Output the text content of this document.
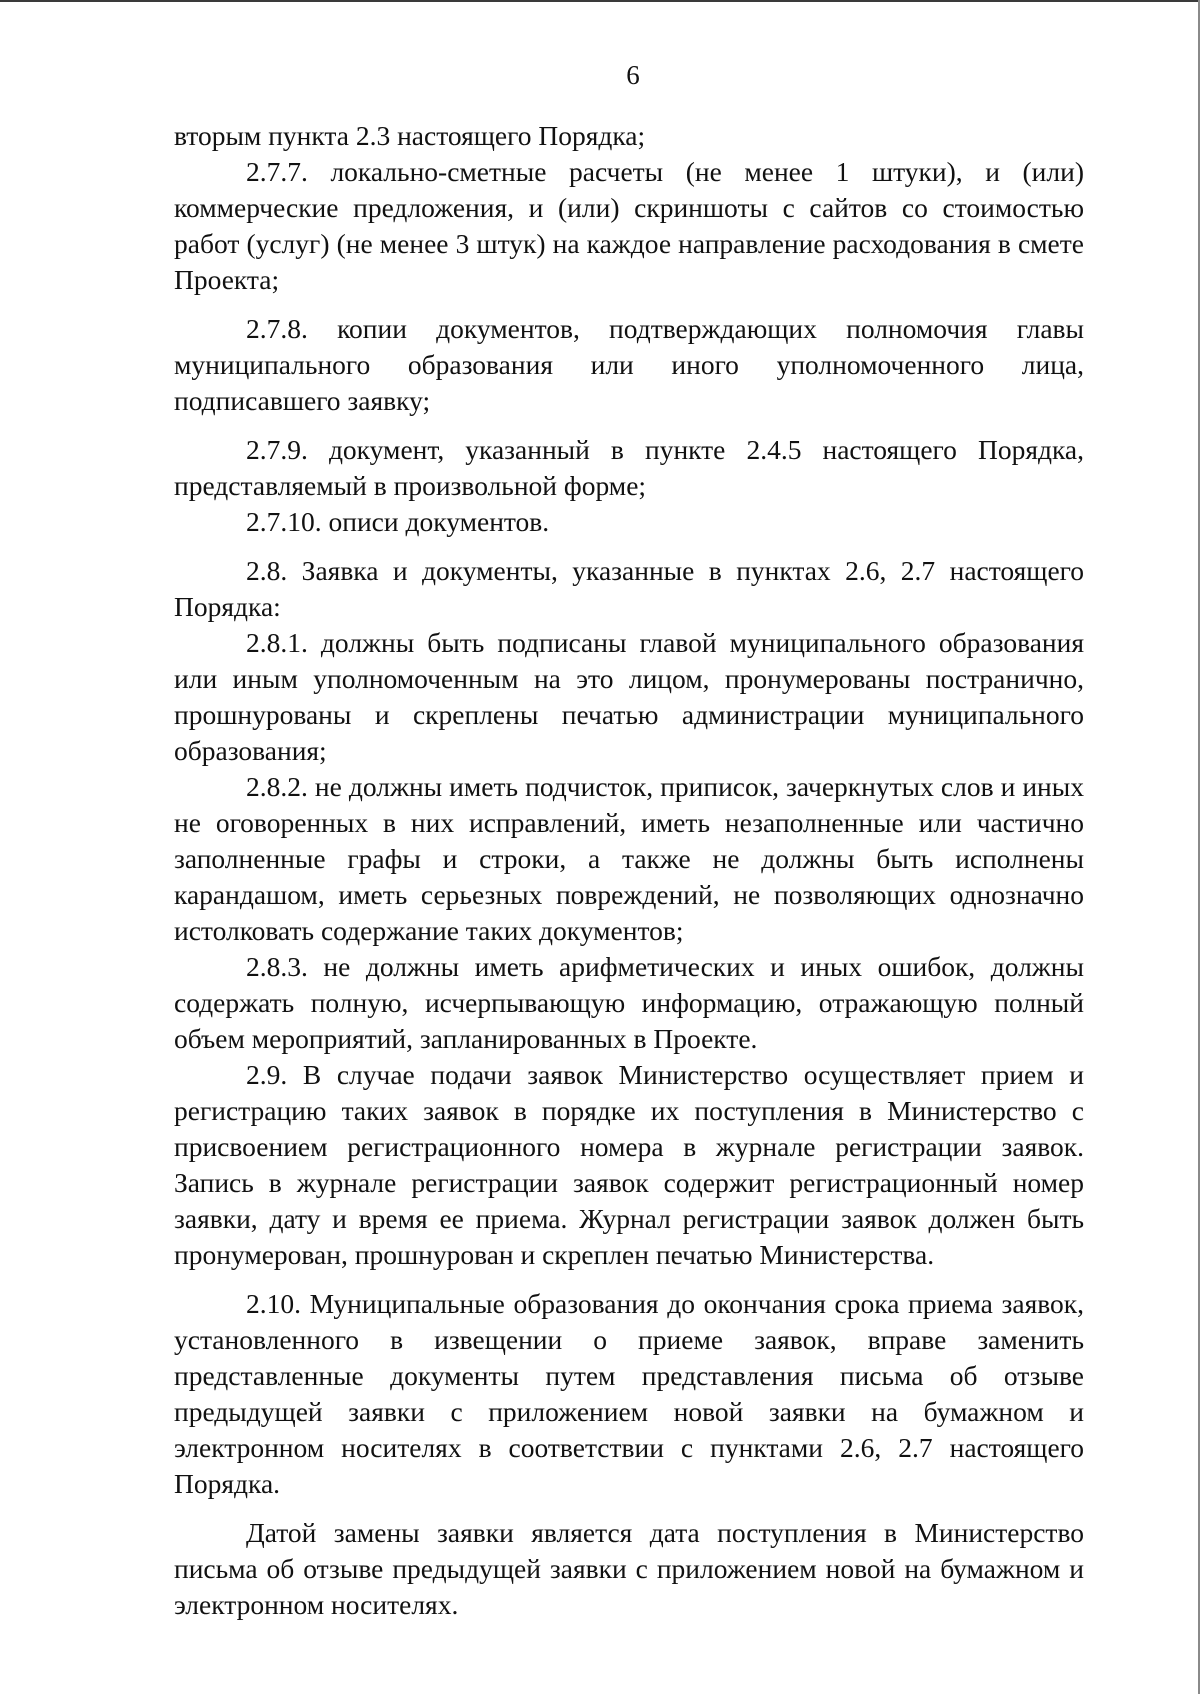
6

вторым пункта 2.3 настоящего Порядка;

2.7.7. локально-сметные расчеты (не менее 1 штуки), и (или) коммерческие предложения, и (или) скриншоты с сайтов со стоимостью работ (услуг) (не менее 3 штук) на каждое направление расходования в смете Проекта;

2.7.8. копии документов, подтверждающих полномочия главы муниципального образования или иного уполномоченного лица, подписавшего заявку;

2.7.9. документ, указанный в пункте 2.4.5 настоящего Порядка, представляемый в произвольной форме;

2.7.10. описи документов.

2.8. Заявка и документы, указанные в пунктах 2.6, 2.7 настоящего Порядка:

2.8.1. должны быть подписаны главой муниципального образования или иным уполномоченным на это лицом, пронумерованы постранично, прошнурованы и скреплены печатью администрации муниципального образования;

2.8.2. не должны иметь подчисток, приписок, зачеркнутых слов и иных не оговоренных в них исправлений, иметь незаполненные или частично заполненные графы и строки, а также не должны быть исполнены карандашом, иметь серьезных повреждений, не позволяющих однозначно истолковать содержание таких документов;

2.8.3. не должны иметь арифметических и иных ошибок, должны содержать полную, исчерпывающую информацию, отражающую полный объем мероприятий, запланированных в Проекте.

2.9. В случае подачи заявок Министерство осуществляет прием и регистрацию таких заявок в порядке их поступления в Министерство с присвоением регистрационного номера в журнале регистрации заявок. Запись в журнале регистрации заявок содержит регистрационный номер заявки, дату и время ее приема. Журнал регистрации заявок должен быть пронумерован, прошнурован и скреплен печатью Министерства.

2.10. Муниципальные образования до окончания срока приема заявок, установленного в извещении о приеме заявок, вправе заменить представленные документы путем представления письма об отзыве предыдущей заявки с приложением новой заявки на бумажном и электронном носителях в соответствии с пунктами 2.6, 2.7 настоящего Порядка.

Датой замены заявки является дата поступления в Министерство письма об отзыве предыдущей заявки с приложением новой на бумажном и электронном носителях.
